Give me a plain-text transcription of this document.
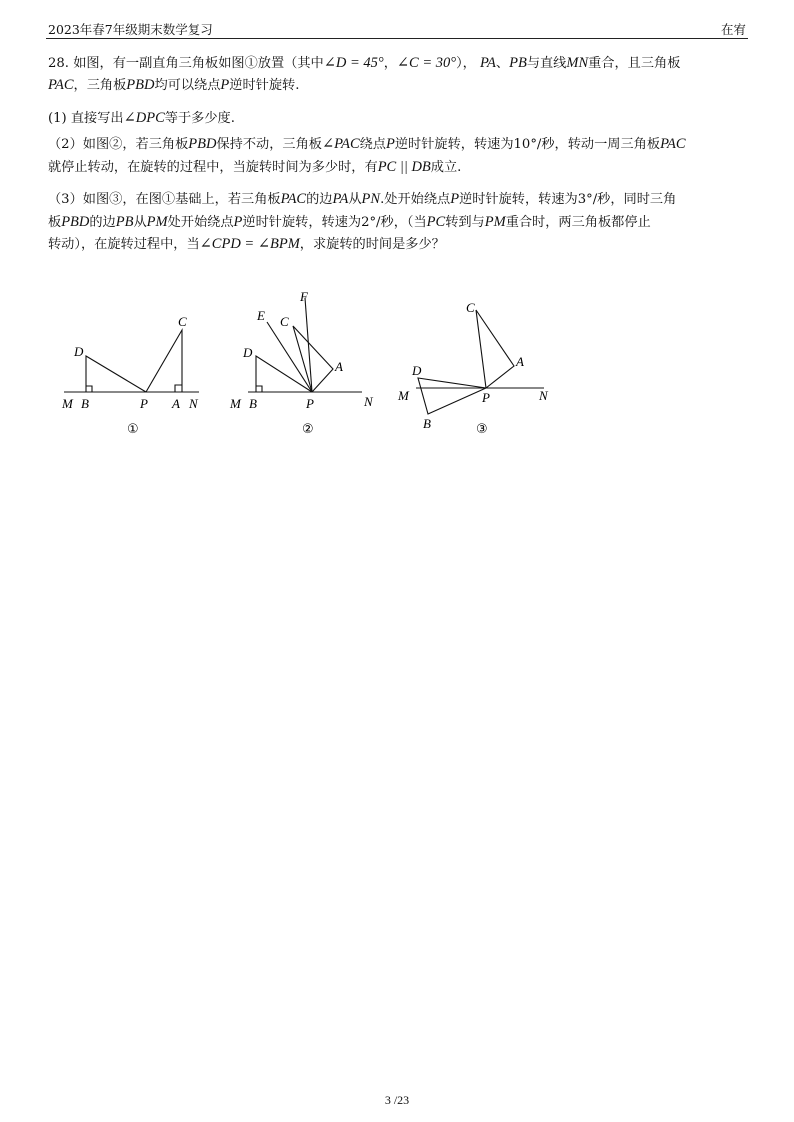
2023年春7年级期末数学复习	在宥

28. 如图，有一副直角三角板如图①放置（其中∠D = 45°，∠C = 30°）， PA、PB与直线MN重合，且三角板
PAC，三角板PBD均可以绕点P逆时针旋转.

(1) 直接写出∠DPC等于多少度.

（2）如图②，若三角板PBD保持不动，三角板∠PAC绕点P逆时针旋转，转速为10°/秒，转动一周三角板PAC
就停止转动，在旋转的过程中，当旋转时间为多少时，有PC || DB成立.

（3）如图③，在图①基础上，若三角板PAC的边PA从PN.处开始绕点P逆时针旋转，转速为3°/秒，同时三角
板PBD的边PB从PM处开始绕点P逆时针旋转，转速为2°/秒，（当PC转到与PM重合时，两三角板都停止
转动），在旋转过程中，当∠CPD = ∠BPM，求旋转的时间是多少？

M B	P A N
C
D
①
M B	P	N
D
E
F
C
A
②
M	N
P
D
B
C
A
③
3 /23
